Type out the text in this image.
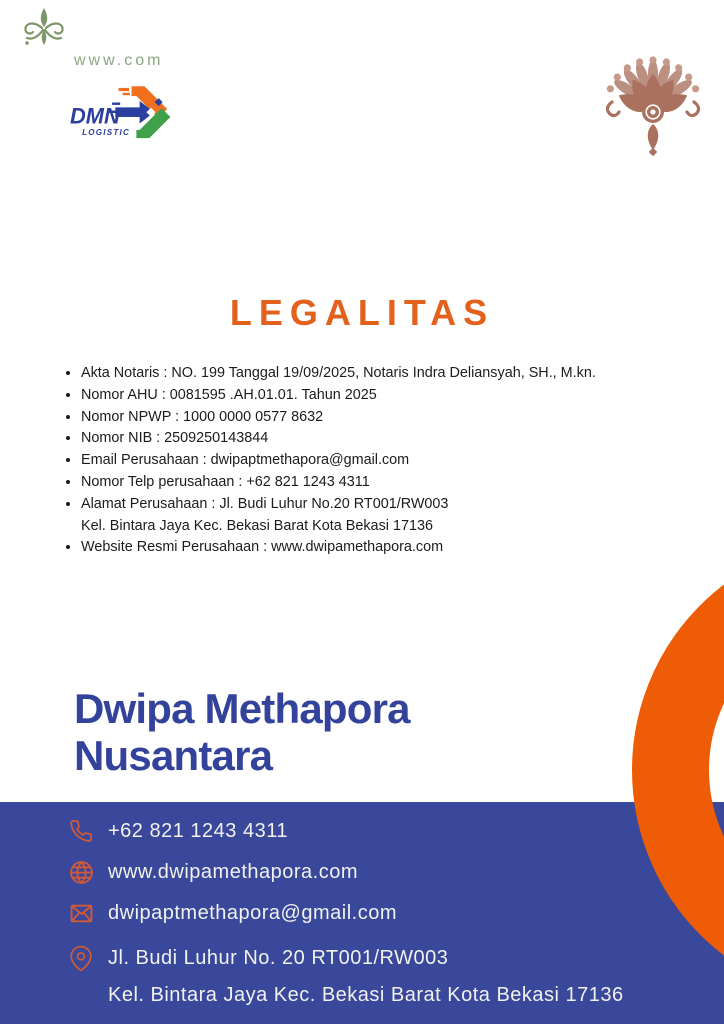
www.com
DMN
LOGISTIC
LEGALITAS
• Akta Notaris : NO. 199 Tanggal 19/09/2025, Notaris Indra Deliansyah, SH., M.kn.
• Nomor AHU : 0081595 .AH.01.01. Tahun 2025
• Nomor NPWP : 1000 0000 0577 8632
• Nomor NIB : 2509250143844
• Email Perusahaan : dwipaptmethapora@gmail.com
• Nomor Telp perusahaan : +62 821 1243 4311
• Alamat Perusahaan : Jl. Budi Luhur No.20 RT001/RW003
Kel. Bintara Jaya Kec. Bekasi Barat Kota Bekasi 17136
• Website Resmi Perusahaan : www.dwipamethapora.com
Dwipa Methapora
Nusantara
+62 821 1243 4311
www.dwipamethapora.com
dwipaptmethapora@gmail.com
Jl. Budi Luhur No. 20 RT001/RW003
Kel. Bintara Jaya Kec. Bekasi Barat Kota Bekasi 17136
